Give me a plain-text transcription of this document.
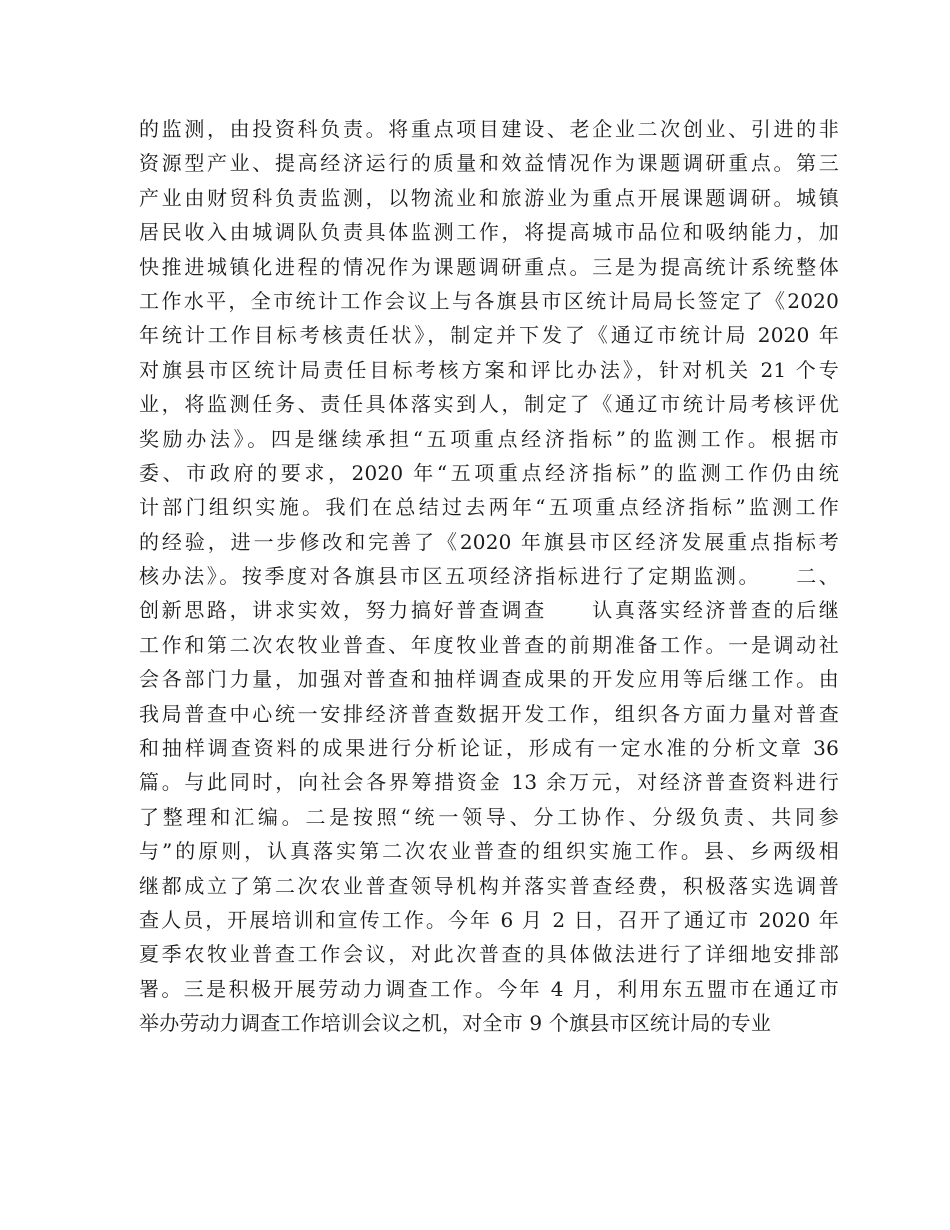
的监测，由投资科负责。将重点项目建设、老企业二次创业、引进的非
资源型产业、提高经济运行的质量和效益情况作为课题调研重点。第三
产业由财贸科负责监测，以物流业和旅游业为重点开展课题调研。城镇
居民收入由城调队负责具体监测工作，将提高城市品位和吸纳能力，加
快推进城镇化进程的情况作为课题调研重点。三是为提高统计系统整体
工作水平，全市统计工作会议上与各旗县市区统计局局长签定了《2020
年统计工作目标考核责任状》，制定并下发了《通辽市统计局 2020 年
对旗县市区统计局责任目标考核方案和评比办法》，针对机关 21 个专
业，将监测任务、责任具体落实到人，制定了《通辽市统计局考核评优
奖励办法》。四是继续承担“五项重点经济指标”的监测工作。根据市
委、市政府的要求，2020 年“五项重点经济指标”的监测工作仍由统
计部门组织实施。我们在总结过去两年“五项重点经济指标”监测工作
的经验，进一步修改和完善了《2020 年旗县市区经济发展重点指标考
核办法》。按季度对各旗县市区五项经济指标进行了定期监测。　　二、
创新思路，讲求实效，努力搞好普查调查　　认真落实经济普查的后继
工作和第二次农牧业普查、年度牧业普查的前期准备工作。一是调动社
会各部门力量，加强对普查和抽样调查成果的开发应用等后继工作。由
我局普查中心统一安排经济普查数据开发工作，组织各方面力量对普查
和抽样调查资料的成果进行分析论证，形成有一定水准的分析文章 36
篇。与此同时，向社会各界筹措资金 13 余万元，对经济普查资料进行
了整理和汇编。二是按照“统一领导、分工协作、分级负责、共同参
与”的原则，认真落实第二次农业普查的组织实施工作。县、乡两级相
继都成立了第二次农业普查领导机构并落实普查经费，积极落实选调普
查人员，开展培训和宣传工作。今年 6 月 2 日，召开了通辽市 2020 年
夏季农牧业普查工作会议，对此次普查的具体做法进行了详细地安排部
署。三是积极开展劳动力调查工作。今年 4 月，利用东五盟市在通辽市
举办劳动力调查工作培训会议之机，对全市 9 个旗县市区统计局的专业
